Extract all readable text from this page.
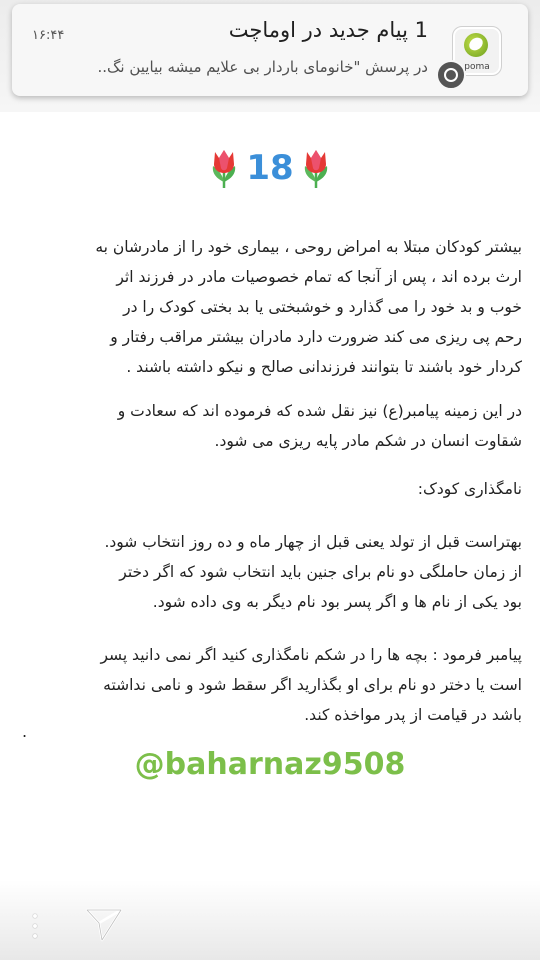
۱۶:۴۴	1 پیام جدید در اوماچت
در پرسش "خانومای باردار بی علایم میشه بیایین نگ..	poma
18
بیشتر کودکان مبتلا به امراض روحی ، بیماری خود را از مادرشان به
ارث برده اند ، پس از آنجا که تمام خصوصیات مادر در فرزند اثر
خوب و بد خود را می گذارد و خوشبختی یا بد بختی کودک را در
رحم پی ریزی می کند ضرورت دارد مادران بیشتر مراقب رفتار و
کردار خود باشند تا بتوانند فرزندانی صالح و نیکو داشته باشند .
در این زمینه پیامبر(ع) نیز نقل شده که فرموده اند که سعادت و
شقاوت انسان در شکم مادر پایه ریزی می شود.
نامگذاری کودک:
بهتراست قبل از تولد یعنی قبل از چهار ماه و ده روز انتخاب شود.
از زمان حاملگی دو نام برای جنین باید انتخاب شود که اگر دختر
بود یکی از نام ها و اگر پسر بود نام دیگر به وی داده شود.
پیامبر فرمود : بچه ها را در شکم نامگذاری کنید اگر نمی دانید پسر
است یا دختر دو نام برای او بگذارید اگر سقط شود و نامی نداشته
باشد در قیامت از پدر مواخذه کند.
.
@baharnaz9508
